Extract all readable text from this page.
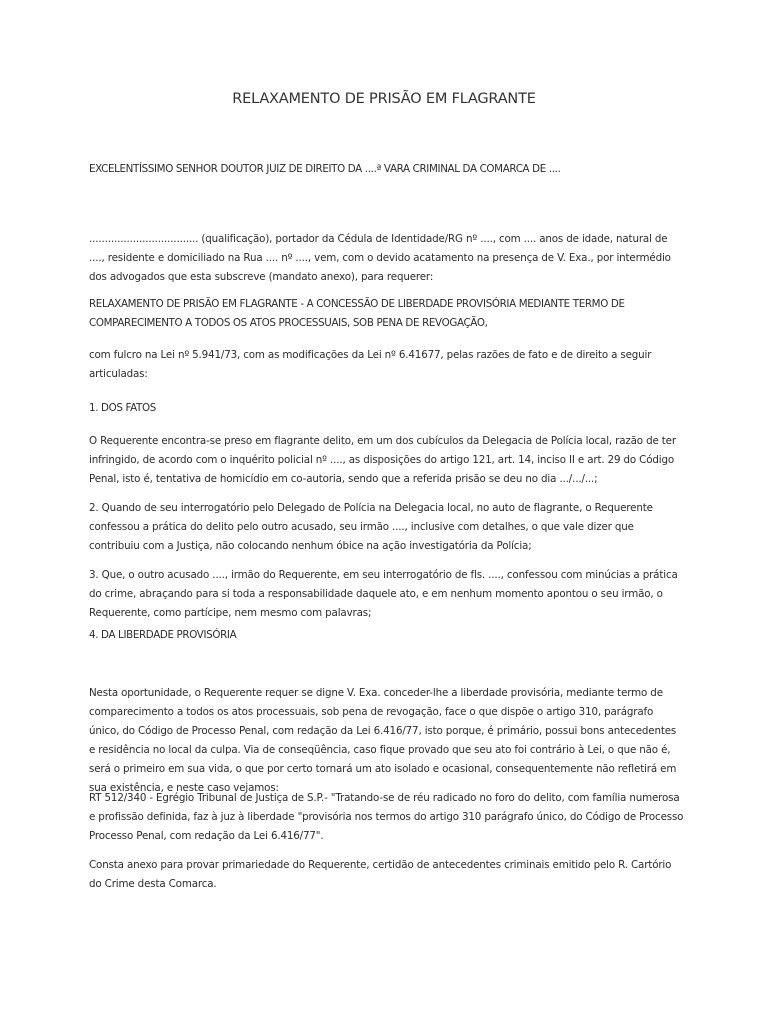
RELAXAMENTO DE PRISÃO EM FLAGRANTE
EXCELENTÍSSIMO SENHOR DOUTOR JUIZ DE DIREITO DA ....ª VARA CRIMINAL DA COMARCA DE ....
................................... (qualificação), portador da Cédula de Identidade/RG nº ...., com .... anos de idade, natural de ...., residente e domiciliado na Rua .... nº ...., vem, com o devido acatamento na presença de V. Exa., por intermédio dos advogados que esta subscreve (mandato anexo), para requerer:
RELAXAMENTO DE PRISÃO EM FLAGRANTE - A CONCESSÃO DE LIBERDADE PROVISÓRIA MEDIANTE TERMO DE COMPARECIMENTO A TODOS OS ATOS PROCESSUAIS, SOB PENA DE REVOGAÇÃO,
com fulcro na Lei nº 5.941/73, com as modificações da Lei nº 6.41677, pelas razões de fato e de direito a seguir articuladas:
1. DOS FATOS
O Requerente encontra-se preso em flagrante delito, em um dos cubículos da Delegacia de Polícia local, razão de ter infringido, de acordo com o inquérito policial nº ...., as disposições do artigo 121, art. 14, inciso II e art. 29 do Código Penal, isto é, tentativa de homicídio em co-autoria, sendo que a referida prisão se deu no dia .../.../...;
2. Quando de seu interrogatório pelo Delegado de Polícia na Delegacia local, no auto de flagrante, o Requerente confessou a prática do delito pelo outro acusado, seu irmão ...., inclusive com detalhes, o que vale dizer que contribuiu com a Justiça, não colocando nenhum óbice na ação investigatória da Polícia;
3. Que, o outro acusado ...., irmão do Requerente, em seu interrogatório de fls. ...., confessou com minúcias a prática do crime, abraçando para si toda a responsabilidade daquele ato, e em nenhum momento apontou o seu irmão, o Requerente, como partícipe, nem mesmo com palavras;
4. DA LIBERDADE PROVISÓRIA
Nesta oportunidade, o Requerente requer se digne V. Exa. conceder-lhe a liberdade provisória, mediante termo de comparecimento a todos os atos processuais, sob pena de revogação, face o que dispõe o artigo 310, parágrafo único, do Código de Processo Penal, com redação da Lei 6.416/77, isto porque, é primário, possui bons antecedentes e residência no local da culpa. Via de conseqüência, caso fique provado que seu ato foi contrário à Lei, o que não é, será o primeiro em sua vida, o que por certo tornará um ato isolado e ocasional, consequentemente não refletirá em sua existência, e neste caso vejamos:
RT 512/340 - Egrégio Tribunal de Justiça de S.P.- "Tratando-se de réu radicado no foro do delito, com família numerosa e profissão definida, faz à juz à liberdade "provisória nos termos do artigo 310 parágrafo único, do Código de Processo Processo Penal, com redação da Lei 6.416/77".
Consta anexo para provar primariedade do Requerente, certidão de antecedentes criminais emitido pelo R. Cartório do Crime desta Comarca.
